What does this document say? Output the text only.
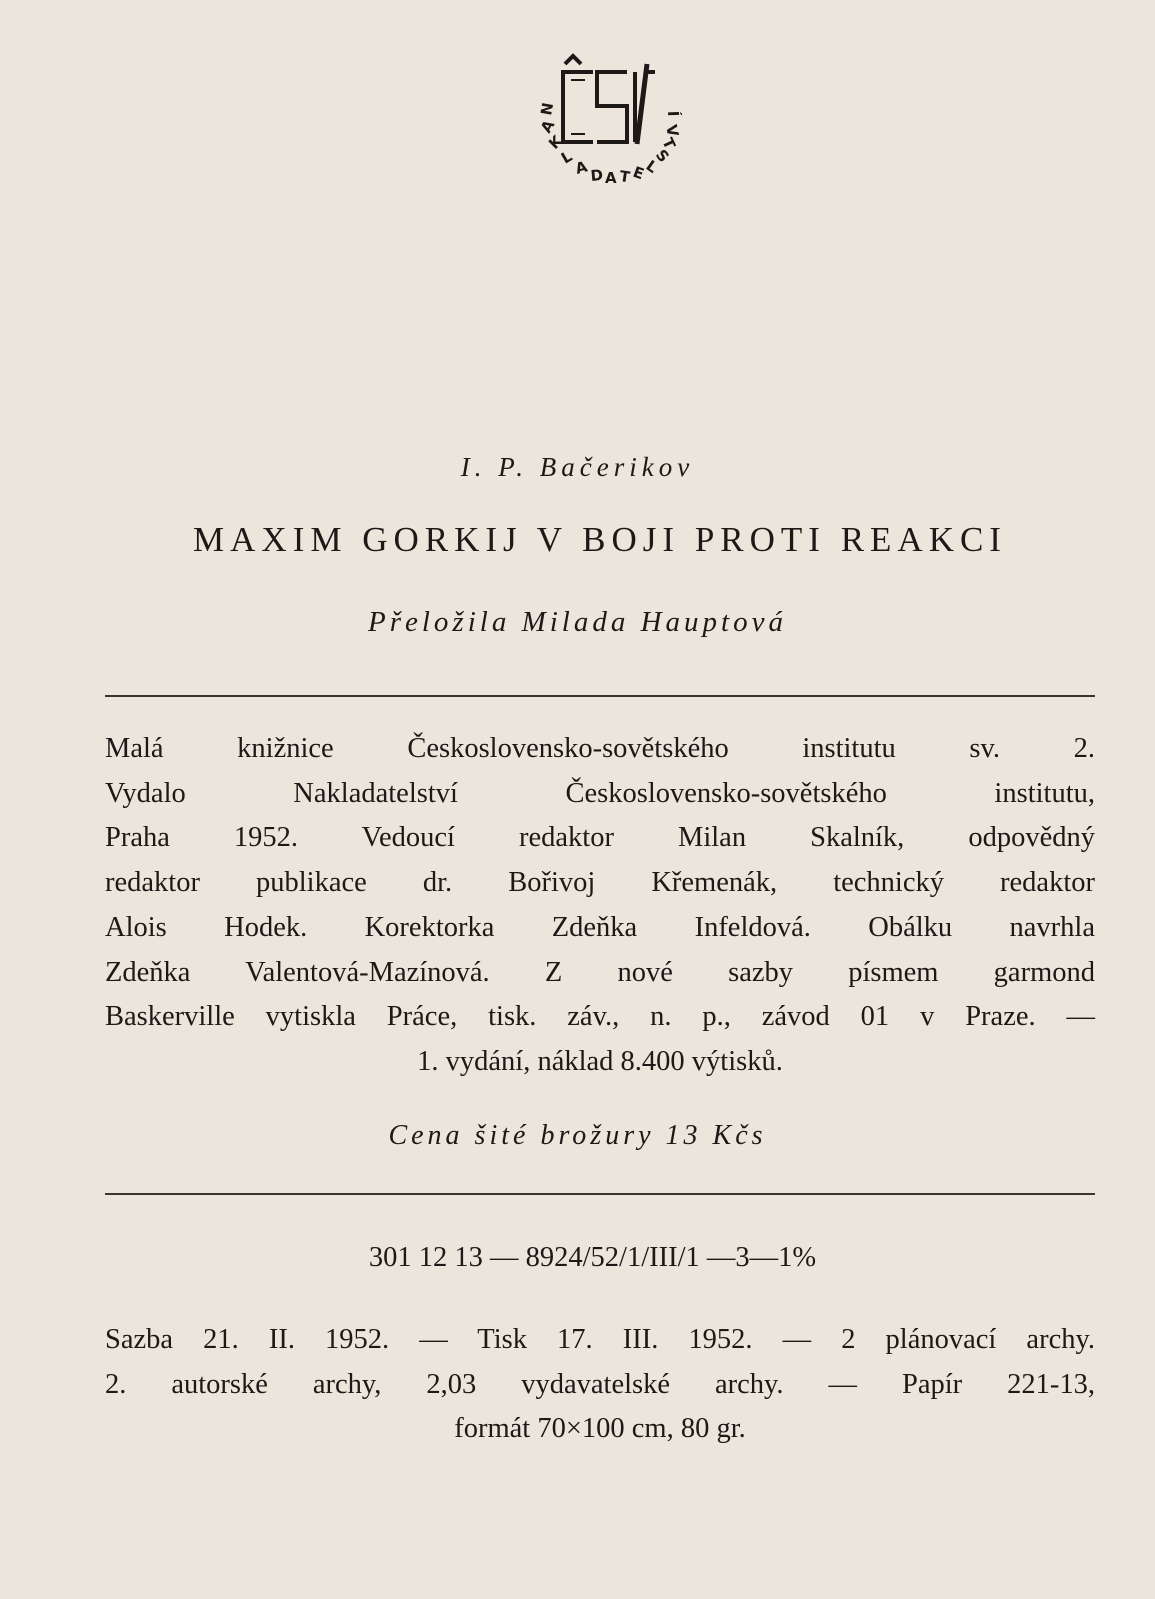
N
A
K
L
A D A T E
L
S
T
V
Í
I. P. Bačerikov
MAXIM GORKIJ V BOJI PROTI REAKCI
Přeložila Milada Hauptová
Malá knižnice Československo-sovětského institutu sv. 2.
Vydalo Nakladatelství Československo-sovětského institutu,
Praha 1952. Vedoucí redaktor Milan Skalník, odpovědný
redaktor publikace dr. Bořivoj Křemenák, technický redaktor
Alois Hodek. Korektorka Zdeňka Infeldová. Obálku navrhla
Zdeňka Valentová-Mazínová. Z nové sazby písmem garmond
Baskerville vytiskla Práce, tisk. záv., n. p., závod 01 v Praze. —
1. vydání, náklad 8.400 výtisků.
Cena šité brožury 13 Kčs
301 12 13 — 8924/52/1/III/1 —3—1%
Sazba 21. II. 1952. — Tisk 17. III. 1952. — 2 plánovací archy.
2. autorské archy, 2,03 vydavatelské archy. — Papír 221-13,
formát 70×100 cm, 80 gr.
